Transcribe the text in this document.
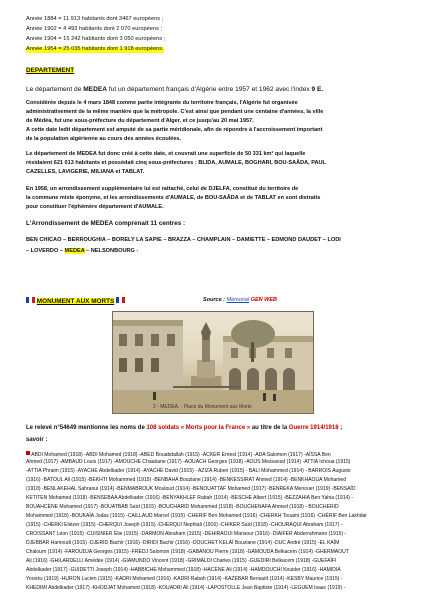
Année 1884 = 11 913 habitants dont 3467 européens ;
Année 1902 = 4 493 habitants dont 2 070 européens ;
Année 1904 = 15 242 habitants dont 3 050 européens ;
Année 1954 = 25 035 habitants dont 1 918 européens.
DEPARTEMENT
Le département de MEDEA fut un département français d'Algérie entre 1957 et 1962 avec l'index 9 E.
Considérée depuis le 4 mars 1848 comme partie intégrante du territoire français, l'Algérie fut organisée
administrativement de la même manière que la métropole. C'est ainsi que pendant une centaine d'années, la ville
de Médéa, fut une sous-préfecture du département d'Alger, et ce jusqu'au 20 mai 1957.
A cette date ledit département est amputé de sa partie méridionale, afin de répondre à l'accroissement important
de la population algérienne au cours des années écoulées.
Le département de MEDEA fut donc créé à cette date, et couvrait une superficie de 50 331 km² qui laquelle
résidaient 621 013 habitants et possédait cinq sous-préfectures : BLIDA, AUMALE, BOGHARI, BOU-SAÂDA, PAUL
CAZELLES, LAVIGERIE, MILIANA et TABLAT.
En 1958, un arrondissement supplémentaire lui est rattaché, celui de DJELFA, constitué du territoire de
la commune mixte éponyme, et les arrondissements d'AUMALE, de BOU-SAÂDA et de TABLAT en sont distraits
pour constituer l'éphémère département d'AUMALE.
L'Arrondissement de MEDEA comprenait 11 centres :
BEN CHICAO – BERROUGHIA – BORELY LA SAPIE – BRAZZA – CHAMPLAIN – DAMIETTE – EDMOND DAUDET – LODI
– LOVERDO – MEDEA – NELSONBOURG -
MONUMENT AUX MORTS	Source : Mémorial GEN WEB
2 - MEDEA. - Place du Monument aux Morts
Le relevé n°54649 mentionne les noms de 108 soldats « Morts pour la France » au titre de la Guerre 1914/1918 ;
savoir :
ABDI Mohamed (1918) -ABDI Mohamed (1918) -ABED Bouabdallah (1915) -ACKER Ernest (1914) -ADA Salomon (1917) -AÏSSA Ben
Ahmed (1917) -AMBAUD Louis (1917) -AMOUCHE Chaabane (1917) -AOUACH Georges (1918) -AOUS Messaoud (1914) -ATTIA Ichoua (1915)
-ATTIA Phraim (1915) -AYACHE Abdelkader (1914) -AYACHE David (1915) - AZIZA Ruben (1915) - BALI Mohammed (1914) - BARROIS Auguste
(1916) -BATOUL Ali (1915) -BEKHTI Mohammed (1915) -BENBAHA Bouziane (1914) -BENKESSIRAT Ahmed (1914) -BENKHAOUA Mohamed
(1918) -BENLAKEHAL Sahraoui (1914) -BENMABROUK Mouloud (1914) -BENOUATTAF Mohamed (1917) -BENREKA Menouer (1919) -BENSAÏD
KETITEN Mohamed (1918) -BENSEBAA Abdelkader (1916) -BENYAKHLEF Rabah (1914) -BESCHE Albert (1915) -BEZZAHIA Ben Yahia (1914) -
BOUAHCÈNE Mohamed (1917) -BOUATBAB Saïd (1915) -BOUCHARID Mohammed (1918) -BOUCHENAFA Ahmed (1918) - BOUCHERID
Mohammed (1918) -BOUKAÏA Judas (1915) -CAILLAUD Marcel (1915) -CHERIF Ben Mohamed (1916) -CHERKH Touami (1916) -CHÉRIF Ben Lakhdar
(1915) -CHERKI Eliézer (1915) -CHERQUI Joseph (1915) -CHERQUI Nephtali (1916) -CHIKER Saïd (1918) -CHOURAQUI Abraham (1917) -
CROISSANT Léon (1915) -CUISINIER Élie (1915) -DARMON Abraham (1915) -DEHIRAOUI Mansour (1916) -DIAIFER Abderrahmane (1915) -
DJEBBAR Hamoudi (1915) -DJERID Bachir (1916) -DIRIDI Bachir (1916) -DOUCHET KELAÏ Bouziane (1914) -DUC André (1915) -EL KAÏM
Chaloum (1914) -FAROUDJA Georges (1915) -FREDJ Salomon (1918) -GABANOU Pierre (1918) -GAMOUDA Belkacem (1914) -GHERMAOUT
Ali (1916) -GHILARDELLI Amédée (1914) -GIAMUNDO Vincent (1918) -GRIMALDI Charles (1915) -GUEDIRI Belkacem (1918) -GUEFAÏFI
Abdelkader (1917) -GUIDETTI Joseph (1914) -HABBICHE Mohammed (1918) -HACÈNE Ali (1914) -HAMDOUCHI Kouider (1916) -HAMIDIA
Younès (1919) -HURON Lucien (1915) -KADRI Mohamed (1916) -KADRI Rabah (1914) -KAZEBAR Bensaïd (1914) -KESBY Maurice (1915) -
KHEDIMI Abdelkader (1917) -KHODJAT Mohamed (1918) -KOUADRI Ali (1914) -LAPOSTOLLE Jean Baptiste (1914) -LEGUEM Isaac (1919) -
